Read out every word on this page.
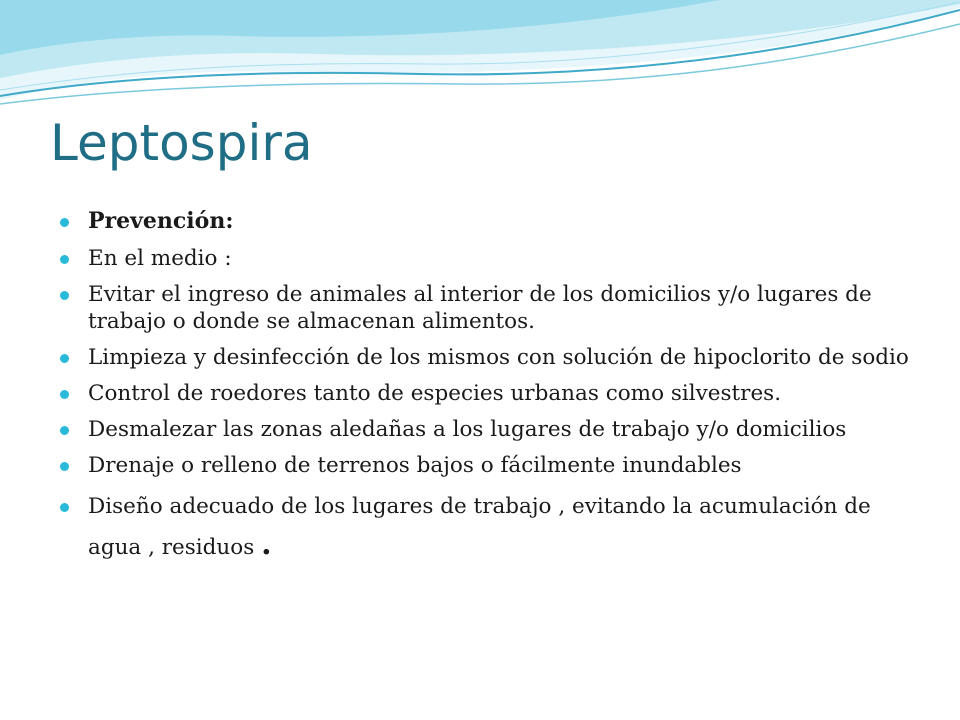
Leptospira
Prevención:
En el medio :
Evitar el ingreso de animales al interior de los domicilios y/o lugares de trabajo o donde se almacenan alimentos.
Limpieza y desinfección de los mismos con solución de hipoclorito de sodio
Control de roedores tanto de especies urbanas como silvestres.
Desmalezar las zonas aledañas a los lugares de trabajo y/o domicilios
Drenaje o relleno de terrenos bajos o fácilmente inundables
Diseño adecuado de los lugares de trabajo , evitando la acumulación de agua , residuos .
